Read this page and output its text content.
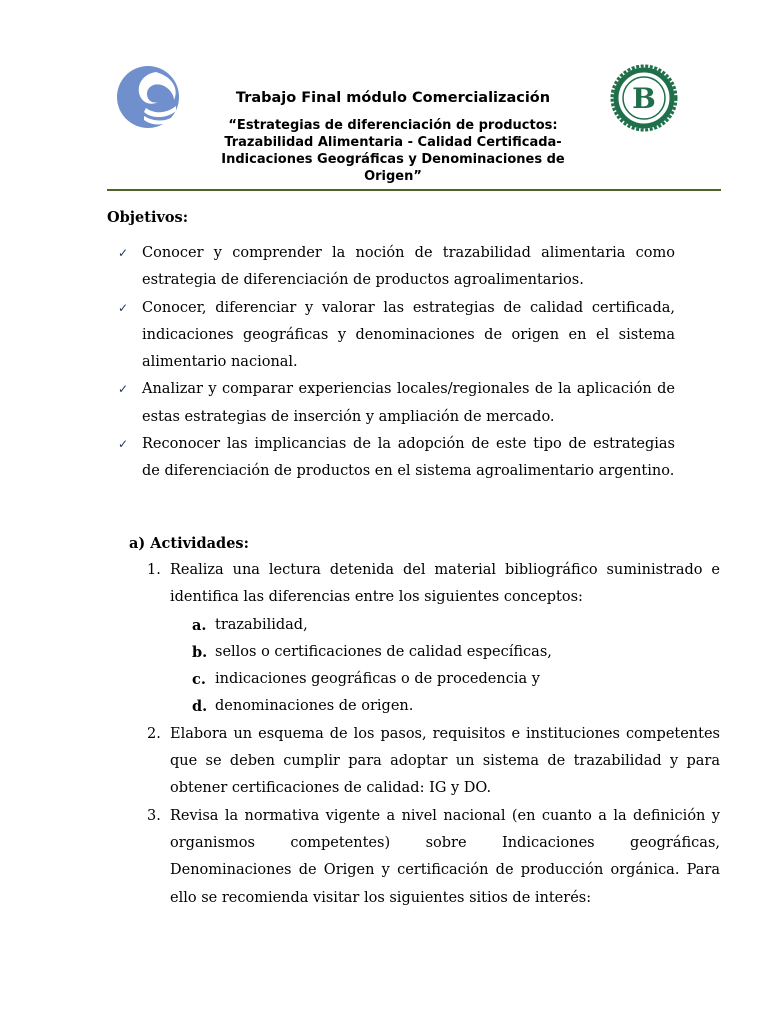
B

Trabajo Final módulo Comercialización

“Estrategias de diferenciación de productos: Trazabilidad Alimentaria - Calidad Certificada- Indicaciones Geográficas y Denominaciones de Origen”

Objetivos:
✓ Conocer y comprender la noción de trazabilidad alimentaria como estrategia de diferenciación de productos agroalimentarios.
✓ Conocer, diferenciar y valorar las estrategias de calidad certificada, indicaciones geográficas y denominaciones de origen en el sistema alimentario nacional.
✓ Analizar y comparar experiencias locales/regionales de la aplicación de estas estrategias de inserción y ampliación de mercado.
✓ Reconocer las implicancias de la adopción de este tipo de estrategias de diferenciación de productos en el sistema agroalimentario argentino.
a) Actividades:
1. Realiza una lectura detenida del material bibliográfico suministrado e identifica las diferencias entre los siguientes conceptos:
a. trazabilidad,
b. sellos o certificaciones de calidad específicas,
c. indicaciones geográficas o de procedencia y
d. denominaciones de origen.
2. Elabora un esquema de los pasos, requisitos e instituciones competentes que se deben cumplir para adoptar un sistema de trazabilidad y para obtener certificaciones de calidad: IG y DO.
3. Revisa la normativa vigente a nivel nacional (en cuanto a la definición y organismos competentes) sobre Indicaciones geográficas, Denominaciones de Origen y certificación de producción orgánica. Para ello se recomienda visitar los siguientes sitios de interés:
